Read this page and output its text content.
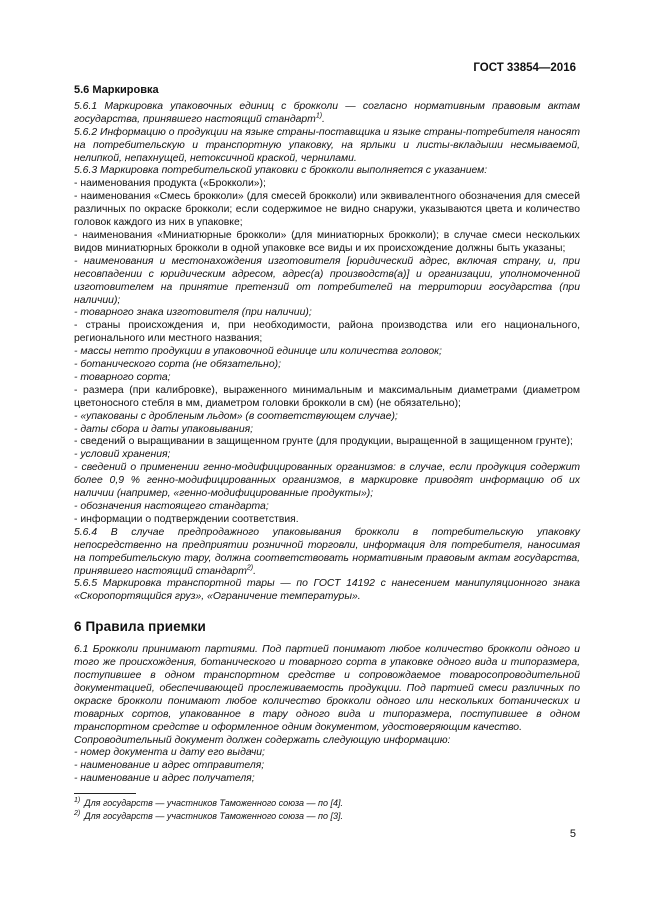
ГОСТ 33854—2016

5.6 Маркировка

5.6.1 Маркировка упаковочных единиц с брокколи — согласно нормативным правовым актам государства, принявшего настоящий стандарт$^{1)}$.

5.6.2 Информацию о продукции на языке страны-поставщика и языке страны-потребителя наносят на потребительскую и транспортную упаковку, на ярлыки и листы-вкладыши несмываемой, нелипкой, непахнущей, нетоксичной краской, чернилами.

5.6.3 Маркировка потребительской упаковки с брокколи выполняется с указанием:

- наименования продукта («Брокколи»);

- наименования «Смесь брокколи» (для смесей брокколи) или эквивалентного обозначения для смесей различных по окраске брокколи; если содержимое не видно снаружи, указываются цвета и количество головок каждого из них в упаковке;

- наименования «Миниатюрные брокколи» (для миниатюрных брокколи); в случае смеси нескольких видов миниатюрных брокколи в одной упаковке все виды и их происхождение должны быть указаны;

- наименования и местонахождения изготовителя [юридический адрес, включая страну, и, при несовпадении с юридическим адресом, адрес(а) производств(а)] и организации, уполномоченной изготовителем на принятие претензий от потребителей на территории государства (при наличии);

- товарного знака изготовителя (при наличии);

- страны происхождения и, при необходимости, района производства или его национального, регионального или местного названия;

- массы нетто продукции в упаковочной единице или количества головок;

- ботанического сорта (не обязательно);

- товарного сорта;

- размера (при калибровке), выраженного минимальным и максимальным диаметрами (диаметром цветоносного стебля в мм, диаметром головки брокколи в см) (не обязательно);

- «упакованы с дробленым льдом» (в соответствующем случае);

- даты сбора и даты упаковывания;

- сведений о выращивании в защищенном грунте (для продукции, выращенной в защищенном грунте);

- условий хранения;

- сведений о применении генно-модифицированных организмов: в случае, если продукция содержит более 0,9 % генно-модифицированных организмов, в маркировке приводят информацию об их наличии (например, «генно-модифицированные продукты»);

- обозначения настоящего стандарта;

- информации о подтверждении соответствия.

5.6.4 В случае предпродажного упаковывания брокколи в потребительскую упаковку непосредственно на предприятии розничной торговли, информация для потребителя, наносимая на потребительскую тару, должна соответствовать нормативным правовым актам государства, принявшего настоящий стандарт$^{2)}$.

5.6.5 Маркировка транспортной тары — по ГОСТ 14192 с нанесением манипуляционного знака «Скоропортящийся груз», «Ограничение температуры».

6 Правила приемки

6.1 Брокколи принимают партиями. Под партией понимают любое количество брокколи одного и того же происхождения, ботанического и товарного сорта в упаковке одного вида и типоразмера, поступившее в одном транспортном средстве и сопровождаемое товаросопроводительной документацией, обеспечивающей прослеживаемость продукции. Под партией смеси различных по окраске брокколи понимают любое количество брокколи одного или нескольких ботанических и товарных сортов, упакованное в тару одного вида и типоразмера, поступившее в одном транспортном средстве и оформленное одним документом, удостоверяющим качество.

Сопроводительный документ должен содержать следующую информацию:

- номер документа и дату его выдачи;

- наименование и адрес отправителя;

- наименование и адрес получателя;

$^{1)}$ Для государств — участников Таможенного союза — по [4].
$^{2)}$ Для государств — участников Таможенного союза — по [3].
5
